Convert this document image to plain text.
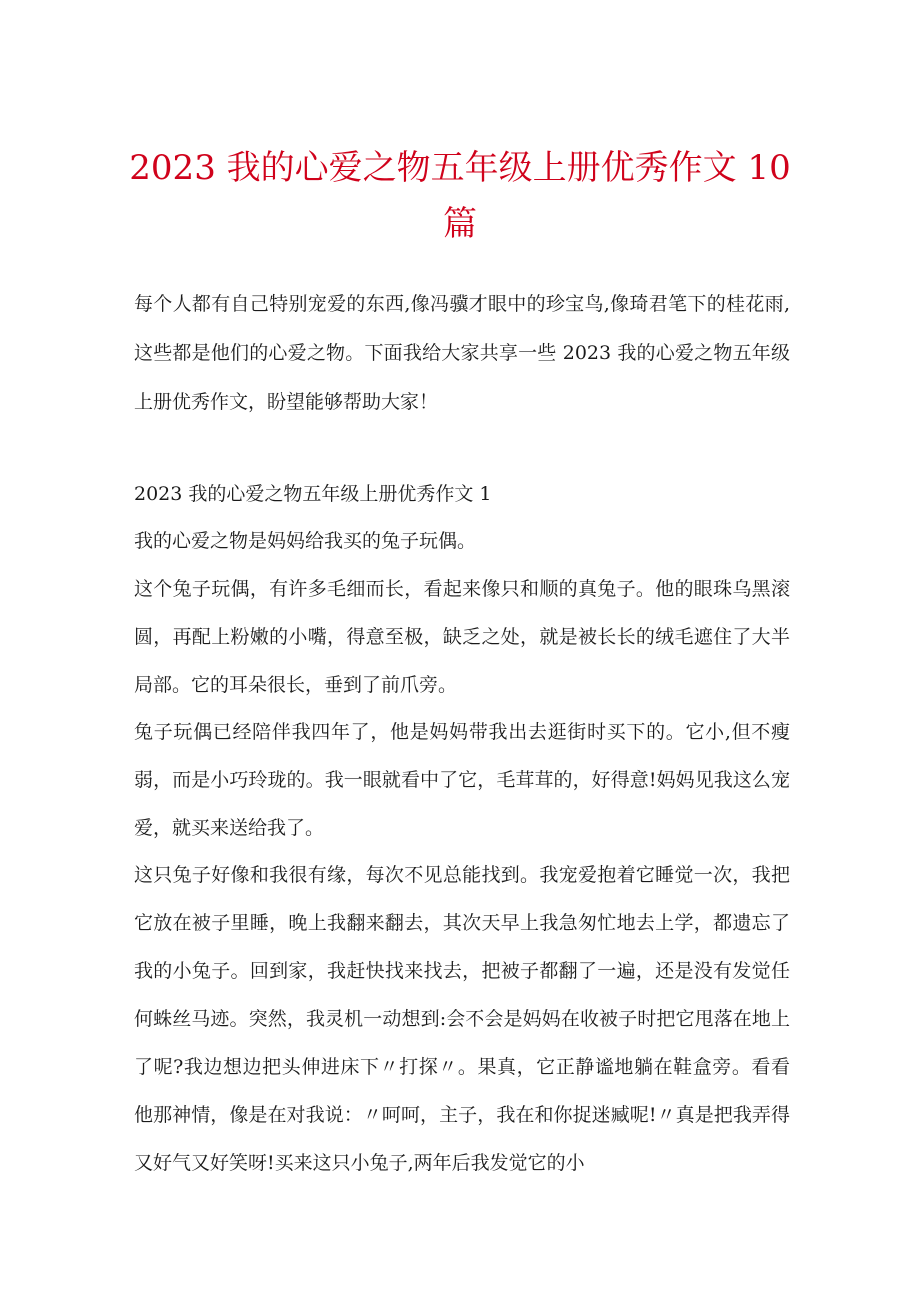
2023 我的心爱之物五年级上册优秀作文 10
篇

每个人都有自己特别宠爱的东西,像冯骥才眼中的珍宝鸟,像琦君笔下的桂花雨,这些都是他们的心爱之物。下面我给大家共享一些 2023 我的心爱之物五年级上册优秀作文，盼望能够帮助大家！

2023 我的心爱之物五年级上册优秀作文 1

我的心爱之物是妈妈给我买的兔子玩偶。

这个兔子玩偶，有许多毛细而长，看起来像只和顺的真兔子。他的眼珠乌黑滚圆，再配上粉嫩的小嘴，得意至极，缺乏之处，就是被长长的绒毛遮住了大半局部。它的耳朵很长，垂到了前爪旁。

兔子玩偶已经陪伴我四年了，他是妈妈带我出去逛街时买下的。它小,但不瘦弱，而是小巧玲珑的。我一眼就看中了它，毛茸茸的，好得意!妈妈见我这么宠爱，就买来送给我了。

这只兔子好像和我很有缘，每次不见总能找到。我宠爱抱着它睡觉一次，我把它放在被子里睡，晚上我翻来翻去，其次天早上我急匆忙地去上学，都遗忘了我的小兔子。回到家，我赶快找来找去，把被子都翻了一遍，还是没有发觉任何蛛丝马迹。突然，我灵机一动想到:会不会是妈妈在收被子时把它甩落在地上了呢?我边想边把头伸进床下〃打探〃。果真，它正静谧地躺在鞋盒旁。看看他那神情，像是在对我说：〃呵呵，主子，我在和你捉迷臧呢!〃真是把我弄得又好气又好笑呀!买来这只小兔子,两年后我发觉它的小
